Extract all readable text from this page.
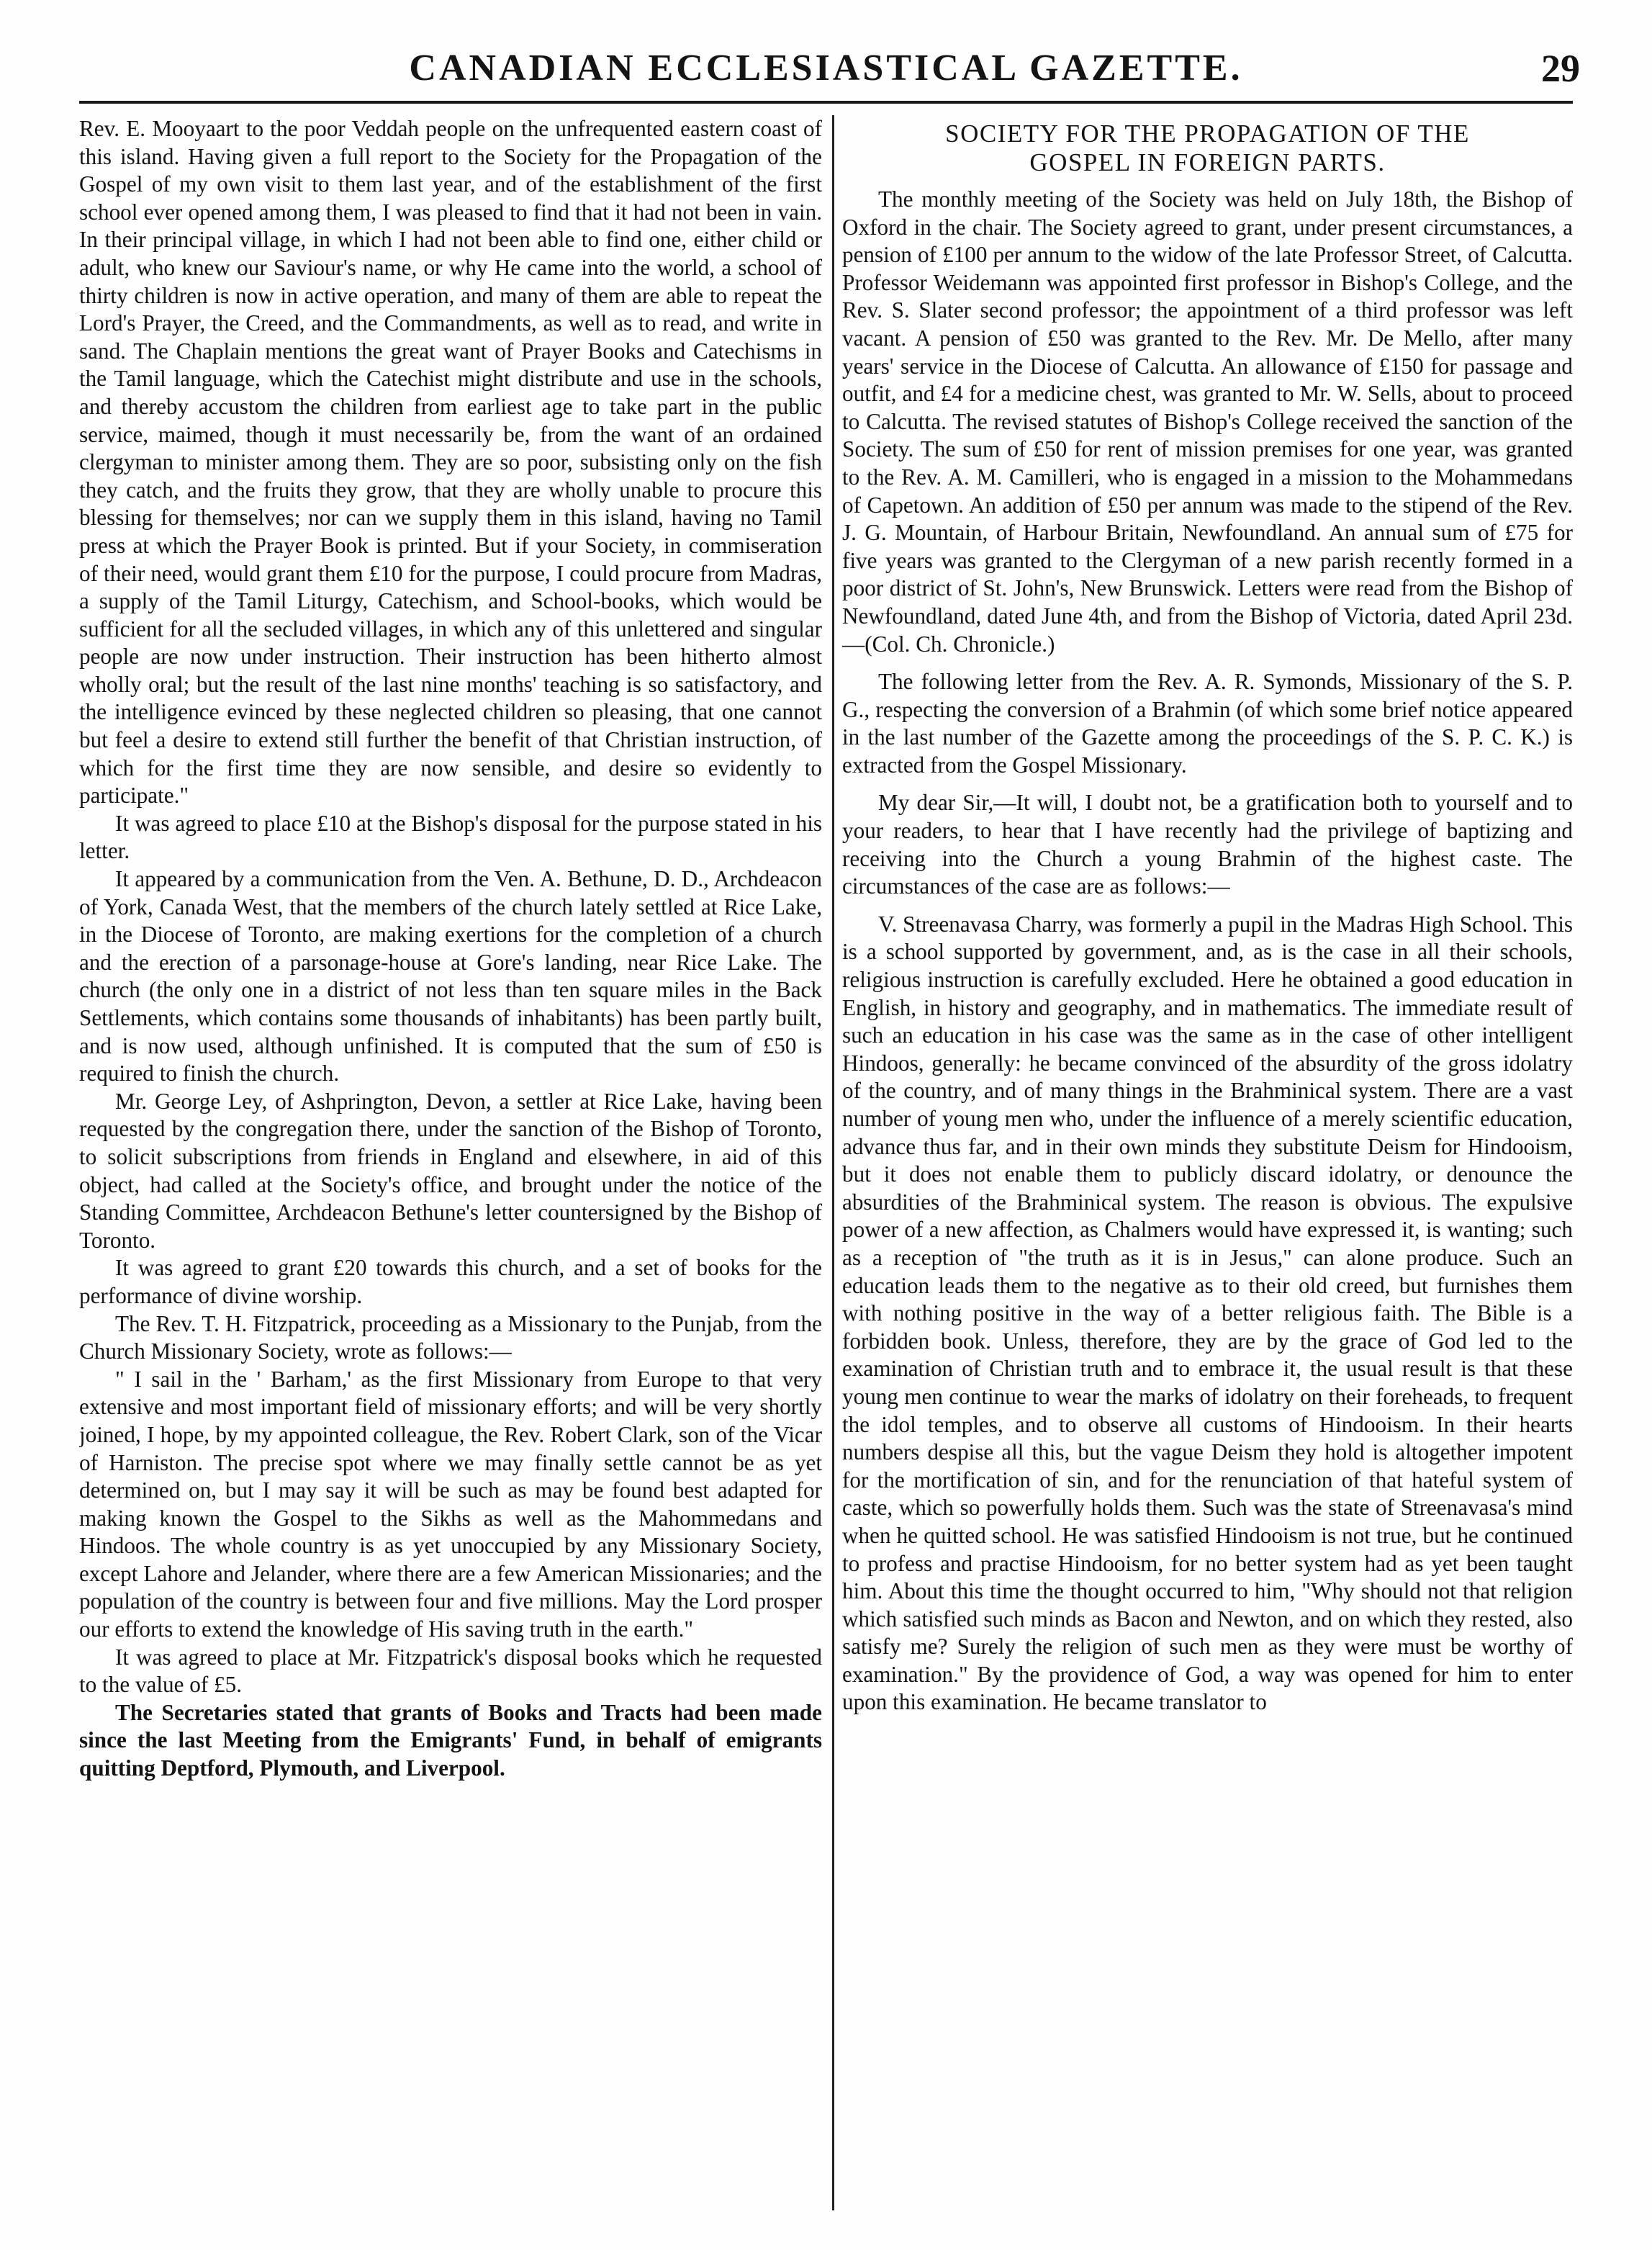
CANADIAN ECCLESIASTICAL GAZETTE.	29

Rev. E. Mooyaart to the poor Veddah people on the unfrequented eastern coast of this island. Having given a full report to the Society for the Propagation of the Gospel of my own visit to them last year, and of the establishment of the first school ever opened among them, I was pleased to find that it had not been in vain. In their principal village, in which I had not been able to find one, either child or adult, who knew our Saviour's name, or why He came into the world, a school of thirty children is now in active operation, and many of them are able to repeat the Lord's Prayer, the Creed, and the Commandments, as well as to read, and write in sand. The Chaplain mentions the great want of Prayer Books and Catechisms in the Tamil language, which the Catechist might distribute and use in the schools, and thereby accustom the children from earliest age to take part in the public service, maimed, though it must necessarily be, from the want of an ordained clergyman to minister among them. They are so poor, subsisting only on the fish they catch, and the fruits they grow, that they are wholly unable to procure this blessing for themselves; nor can we supply them in this island, having no Tamil press at which the Prayer Book is printed. But if your Society, in commiseration of their need, would grant them £10 for the purpose, I could procure from Madras, a supply of the Tamil Liturgy, Catechism, and School-books, which would be sufficient for all the secluded villages, in which any of this unlettered and singular people are now under instruction. Their instruction has been hitherto almost wholly oral; but the result of the last nine months' teaching is so satisfactory, and the intelligence evinced by these neglected children so pleasing, that one cannot but feel a desire to extend still further the benefit of that Christian instruction, of which for the first time they are now sensible, and desire so evidently to participate."

It was agreed to place £10 at the Bishop's disposal for the purpose stated in his letter.

It appeared by a communication from the Ven. A. Bethune, D. D., Archdeacon of York, Canada West, that the members of the church lately settled at Rice Lake, in the Diocese of Toronto, are making exertions for the completion of a church and the erection of a parsonage-house at Gore's landing, near Rice Lake. The church (the only one in a district of not less than ten square miles in the Back Settlements, which contains some thousands of inhabitants) has been partly built, and is now used, although unfinished. It is computed that the sum of £50 is required to finish the church.

Mr. George Ley, of Ashprington, Devon, a settler at Rice Lake, having been requested by the congregation there, under the sanction of the Bishop of Toronto, to solicit subscriptions from friends in England and elsewhere, in aid of this object, had called at the Society's office, and brought under the notice of the Standing Committee, Archdeacon Bethune's letter countersigned by the Bishop of Toronto.

It was agreed to grant £20 towards this church, and a set of books for the performance of divine worship.

The Rev. T. H. Fitzpatrick, proceeding as a Missionary to the Punjab, from the Church Missionary Society, wrote as follows:—

" I sail in the ' Barham,' as the first Missionary from Europe to that very extensive and most important field of missionary efforts; and will be very shortly joined, I hope, by my appointed colleague, the Rev. Robert Clark, son of the Vicar of Harniston. The precise spot where we may finally settle cannot be as yet determined on, but I may say it will be such as may be found best adapted for making known the Gospel to the Sikhs as well as the Mahommedans and Hindoos. The whole country is as yet unoccupied by any Missionary Society, except Lahore and Jelander, where there are a few American Missionaries; and the population of the country is between four and five millions. May the Lord prosper our efforts to extend the knowledge of His saving truth in the earth."

It was agreed to place at Mr. Fitzpatrick's disposal books which he requested to the value of £5.

The Secretaries stated that grants of Books and Tracts had been made since the last Meeting from the Emigrants' Fund, in behalf of emigrants quitting Deptford, Plymouth, and Liverpool.

SOCIETY FOR THE PROPAGATION OF THE
GOSPEL IN FOREIGN PARTS.

The monthly meeting of the Society was held on July 18th, the Bishop of Oxford in the chair. The Society agreed to grant, under present circumstances, a pension of £100 per annum to the widow of the late Professor Street, of Calcutta. Professor Weidemann was appointed first professor in Bishop's College, and the Rev. S. Slater second professor; the appointment of a third professor was left vacant. A pension of £50 was granted to the Rev. Mr. De Mello, after many years' service in the Diocese of Calcutta. An allowance of £150 for passage and outfit, and £4 for a medicine chest, was granted to Mr. W. Sells, about to proceed to Calcutta. The revised statutes of Bishop's College received the sanction of the Society. The sum of £50 for rent of mission premises for one year, was granted to the Rev. A. M. Camilleri, who is engaged in a mission to the Mohammedans of Capetown. An addition of £50 per annum was made to the stipend of the Rev. J. G. Mountain, of Harbour Britain, Newfoundland. An annual sum of £75 for five years was granted to the Clergyman of a new parish recently formed in a poor district of St. John's, New Brunswick. Letters were read from the Bishop of Newfoundland, dated June 4th, and from the Bishop of Victoria, dated April 23d.—(Col. Ch. Chronicle.)

The following letter from the Rev. A. R. Symonds, Missionary of the S. P. G., respecting the conversion of a Brahmin (of which some brief notice appeared in the last number of the Gazette among the proceedings of the S. P. C. K.) is extracted from the Gospel Missionary.

My dear Sir,—It will, I doubt not, be a gratification both to yourself and to your readers, to hear that I have recently had the privilege of baptizing and receiving into the Church a young Brahmin of the highest caste. The circumstances of the case are as follows:—

V. Streenavasa Charry, was formerly a pupil in the Madras High School. This is a school supported by government, and, as is the case in all their schools, religious instruction is carefully excluded. Here he obtained a good education in English, in history and geography, and in mathematics. The immediate result of such an education in his case was the same as in the case of other intelligent Hindoos, generally: he became convinced of the absurdity of the gross idolatry of the country, and of many things in the Brahminical system. There are a vast number of young men who, under the influence of a merely scientific education, advance thus far, and in their own minds they substitute Deism for Hindooism, but it does not enable them to publicly discard idolatry, or denounce the absurdities of the Brahminical system. The reason is obvious. The expulsive power of a new affection, as Chalmers would have expressed it, is wanting; such as a reception of "the truth as it is in Jesus," can alone produce. Such an education leads them to the negative as to their old creed, but furnishes them with nothing positive in the way of a better religious faith. The Bible is a forbidden book. Unless, therefore, they are by the grace of God led to the examination of Christian truth and to embrace it, the usual result is that these young men continue to wear the marks of idolatry on their foreheads, to frequent the idol temples, and to observe all customs of Hindooism. In their hearts numbers despise all this, but the vague Deism they hold is altogether impotent for the mortification of sin, and for the renunciation of that hateful system of caste, which so powerfully holds them. Such was the state of Streenavasa's mind when he quitted school. He was satisfied Hindooism is not true, but he continued to profess and practise Hindooism, for no better system had as yet been taught him. About this time the thought occurred to him, "Why should not that religion which satisfied such minds as Bacon and Newton, and on which they rested, also satisfy me? Surely the religion of such men as they were must be worthy of examination." By the providence of God, a way was opened for him to enter upon this examination. He became translator to
